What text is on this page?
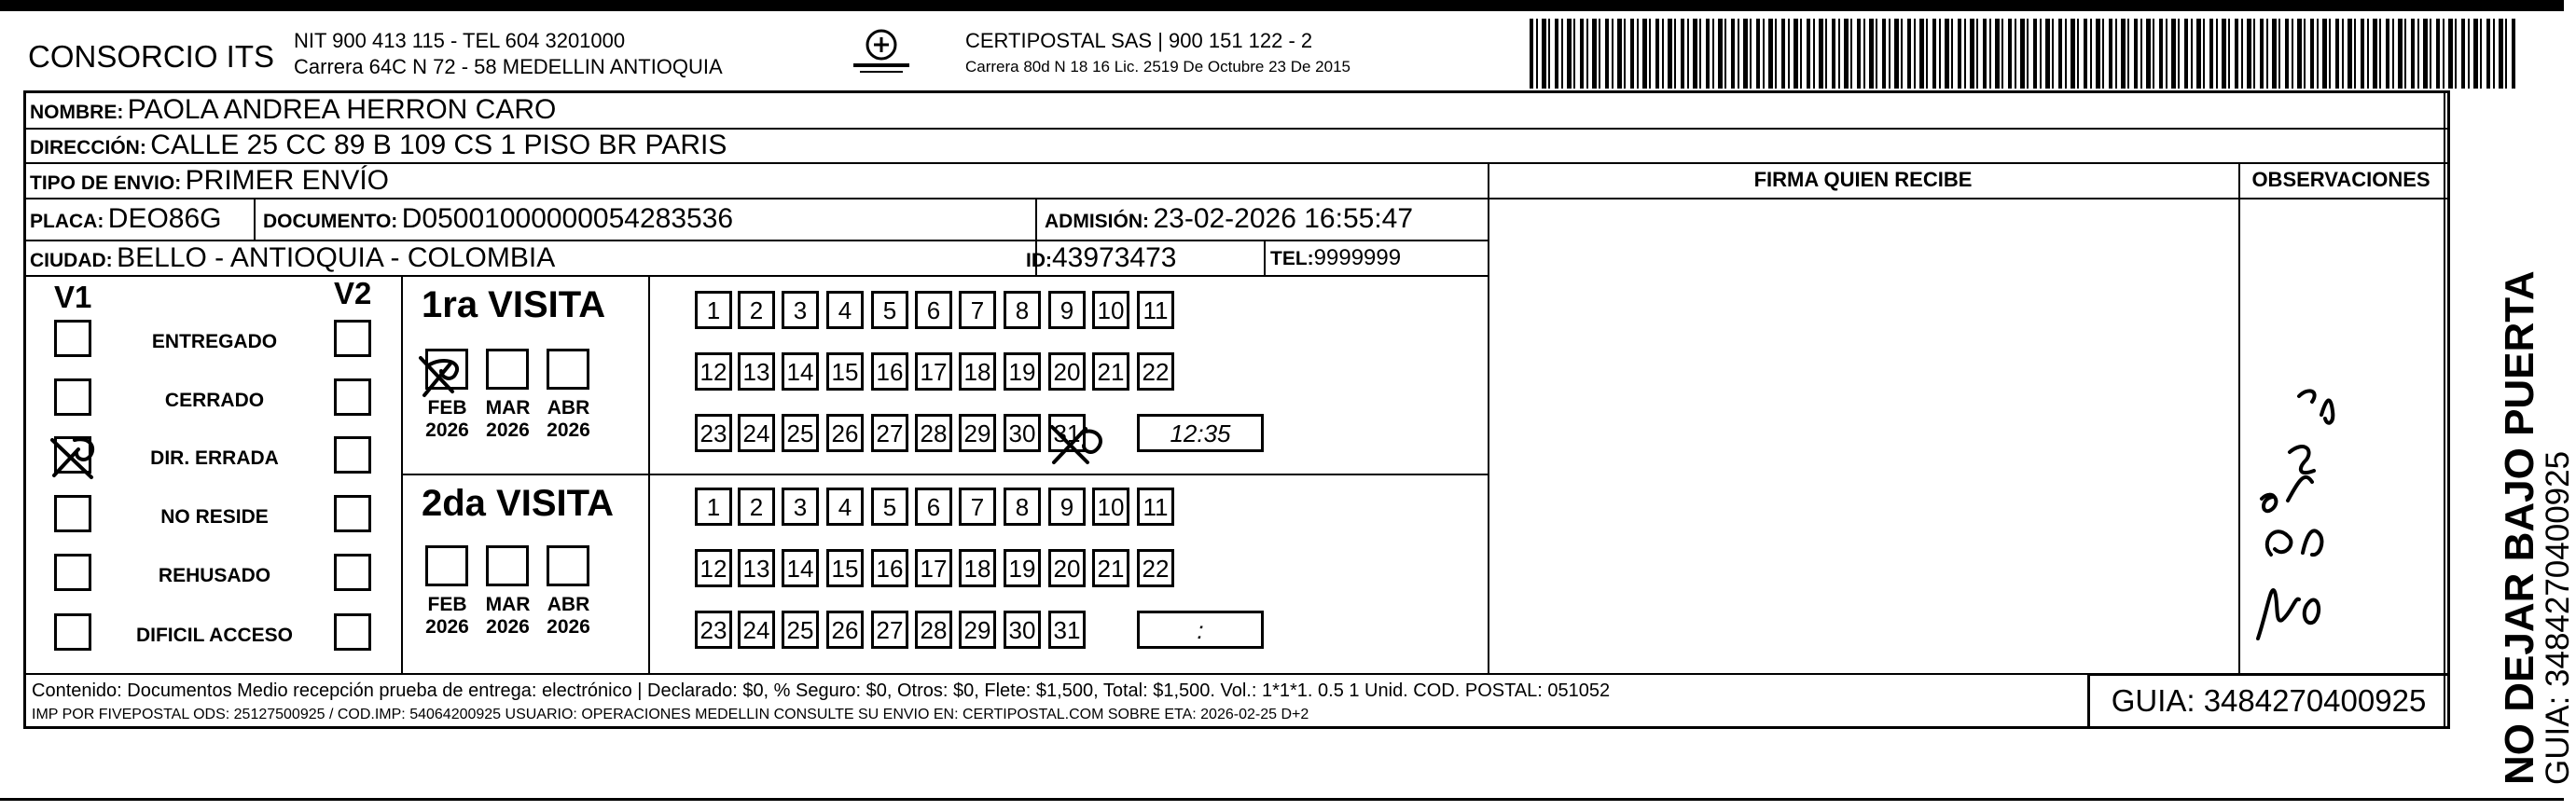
CONSORCIO ITS NIT 900 413 115 - TEL 604 3201000
Carrera 64C N 72 - 58 MEDELLIN ANTIOQUIA
CERTIPOSTAL SAS | 900 151 122 - 2
Carrera 80d N 18 16 Lic. 2519 De Octubre 23 De 2015
NOMBRE: PAOLA ANDREA HERRON CARO
DIRECCIÓN: CALLE 25 CC 89 B 109 CS 1 PISO BR PARIS
TIPO DE ENVIO: PRIMER ENVÍO
PLACA: DEO86G DOCUMENTO: D05001000000054283536	ADMISIÓN: 23-02-2026 16:55:47
CIUDAD: BELLO - ANTIOQUIA - COLOMBIA	ID:43973473	TEL:9999999
FIRMA QUIEN RECIBE	OBSERVACIONES
V1	V2
ENTREGADO
CERRADO
DIR. ERRADA
NO RESIDE
REHUSADO
DIFICIL ACCESO
1ra VISITA
2da VISITA
FEB
2026
MAR
2026
ABR
2026
1	2	3	4	5	6	7	8	9 10 11
12 13 14 15 16 17 18 19 20 21 22
23 24 25 26 27 28 29 30 31	12:35
FEB
2026
MAR
2026
ABR
2026
1	2	3	4	5	6	7	8	9 10 11
12 13 14 15 16 17 18 19 20 21 22
23 24 25 26 27 28 29 30 31	:
Contenido: Documentos Medio recepción prueba de entrega: electrónico | Declarado: $0, % Seguro: $0, Otros: $0, Flete: $1,500, Total: $1,500. Vol.: 1*1*1. 0.5 1 Unid. COD. POSTAL: 051052
IMP POR FIVEPOSTAL ODS: 25127500925 / COD.IMP: 54064200925 USUARIO: OPERACIONES MEDELLIN CONSULTE SU ENVIO EN: CERTIPOSTAL.COM SOBRE ETA: 2026-02-25 D+2	GUIA: 3484270400925	NO DEJAR BAJO PUERTA
GUIA: 3484270400925
